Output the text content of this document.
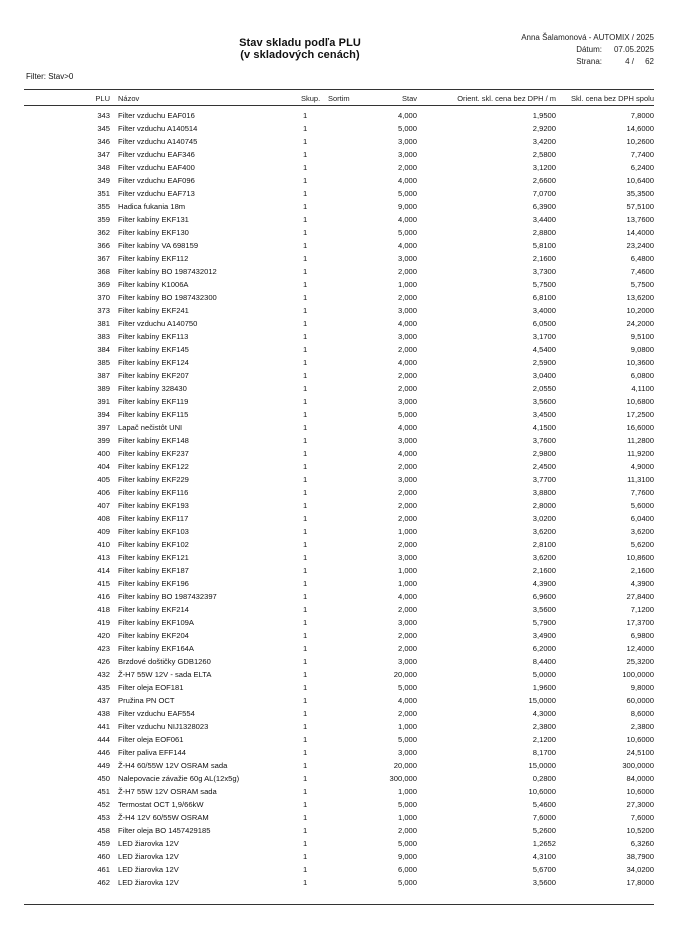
Stav skladu podľa PLU
(v skladových cenách)
Anna Šalamonová - AUTOMIX / 2025
Dátum: 07.05.2025
Strana:	4 /     62
Filter: Stav>0
PLU Názov	Skup. Sortim	Stav	Orient. skl. cena bez DPH / m Skl. cena bez DPH spolu
343 Filter vzduchu EAF016	1	4,000	1,9500	7,8000
345 Filter vzduchu A140514	1	5,000	2,9200	14,6000
346 Filter vzduchu A140745	1	3,000	3,4200	10,2600
347 Filter vzduchu EAF346	1	3,000	2,5800	7,7400
348 Filter vzduchu EAF400	1	2,000	3,1200	6,2400
349 Filter vzduchu EAF096	1	4,000	2,6600	10,6400
351 Filter vzduchu EAF713	1	5,000	7,0700	35,3500
355 Hadica fukania 18m	1	9,000	6,3900	57,5100
359 Filter kabíny EKF131	1	4,000	3,4400	13,7600
362 Filter kabíny EKF130	1	5,000	2,8800	14,4000
366 Filter kabíny VA 698159	1	4,000	5,8100	23,2400
367 Filter kabíny EKF112	1	3,000	2,1600	6,4800
368 Filter kabíny BO 1987432012	1	2,000	3,7300	7,4600
369 Filter kabíny K1006A	1	1,000	5,7500	5,7500
370 Filter kabíny BO 1987432300	1	2,000	6,8100	13,6200
373 Filter kabíny EKF241	1	3,000	3,4000	10,2000
381 Filter vzduchu A140750	1	4,000	6,0500	24,2000
383 Filter kabíny EKF113	1	3,000	3,1700	9,5100
384 Filter kabíny EKF145	1	2,000	4,5400	9,0800
385 Filter kabíny EKF124	1	4,000	2,5900	10,3600
387 Filter kabíny EKF207	1	2,000	3,0400	6,0800
389 Filter kabíny 328430	1	2,000	2,0550	4,1100
391 Filter kabíny EKF119	1	3,000	3,5600	10,6800
394 Filter kabíny EKF115	1	5,000	3,4500	17,2500
397 Lapač nečistôt UNI	1	4,000	4,1500	16,6000
399 Filter kabíny EKF148	1	3,000	3,7600	11,2800
400 Filter kabíny EKF237	1	4,000	2,9800	11,9200
404 Filter kabíny EKF122	1	2,000	2,4500	4,9000
405 Filter kabíny EKF229	1	3,000	3,7700	11,3100
406 Filter kabíny EKF116	1	2,000	3,8800	7,7600
407 Filter kabíny EKF193	1	2,000	2,8000	5,6000
408 Filter kabíny EKF117	1	2,000	3,0200	6,0400
409 Filter kabíny EKF103	1	1,000	3,6200	3,6200
410 Filter kabíny EKF102	1	2,000	2,8100	5,6200
413 Filter kabíny EKF121	1	3,000	3,6200	10,8600
414 Filter kabíny EKF187	1	1,000	2,1600	2,1600
415 Filter kabíny EKF196	1	1,000	4,3900	4,3900
416 Filter kabíny BO 1987432397	1	4,000	6,9600	27,8400
418 Filter kabíny EKF214	1	2,000	3,5600	7,1200
419 Filter kabíny EKF109A	1	3,000	5,7900	17,3700
420 Filter kabíny EKF204	1	2,000	3,4900	6,9800
423 Filter kabíny EKF164A	1	2,000	6,2000	12,4000
426 Brzdové doštičky GDB1260	1	3,000	8,4400	25,3200
432 Ž-H7 55W 12V - sada ELTA	1	20,000	5,0000	100,0000
435 Filter oleja EOF181	1	5,000	1,9600	9,8000
437 Pružina PN OCT	1	4,000	15,0000	60,0000
438 Filter vzduchu EAF554	1	2,000	4,3000	8,6000
441 Filter vzduchu NIJ1328023	1	1,000	2,3800	2,3800
444 Filter oleja EOF061	1	5,000	2,1200	10,6000
446 Filter paliva EFF144	1	3,000	8,1700	24,5100
449 Ž-H4 60/55W 12V OSRAM sada	1	20,000	15,0000	300,0000
450 Nalepovacie závažie 60g AL(12x5g)	1	300,000	0,2800	84,0000
451 Ž-H7 55W 12V OSRAM sada	1	1,000	10,6000	10,6000
452 Termostat OCT 1,9/66kW	1	5,000	5,4600	27,3000
453 Ž-H4 12V 60/55W OSRAM	1	1,000	7,6000	7,6000
458 Filter oleja BO 1457429185	1	2,000	5,2600	10,5200
459 LED žiarovka 12V	1	5,000	1,2652	6,3260
460 LED žiarovka 12V	1	9,000	4,3100	38,7900
461 LED žiarovka 12V	1	6,000	5,6700	34,0200
462 LED žiarovka 12V	1	5,000	3,5600	17,8000
